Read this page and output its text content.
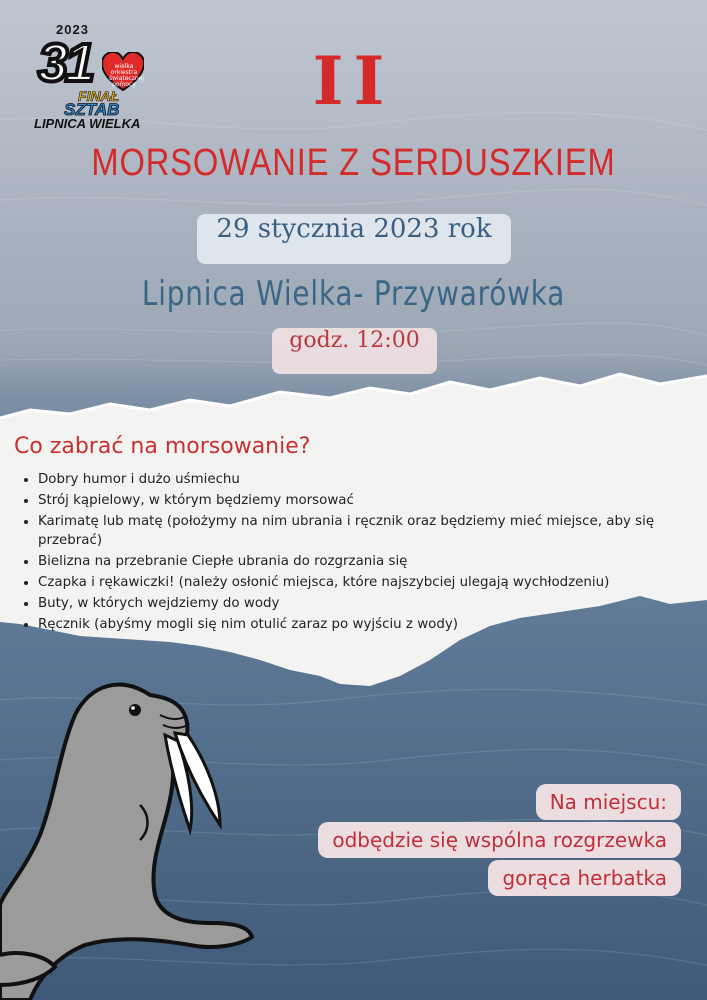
2023
31	wielka orkiestra świątecznej pomocy
FINAŁ
SZTAB
LIPNICA WIELKA
II
MORSOWANIE Z SERDUSZKIEM
29 stycznia 2023 rok
Lipnica Wielka- Przywarówka
godz. 12:00
Co zabrać na morsowanie?
• Dobry humor i dużo uśmiechu
• Strój kąpielowy, w którym będziemy morsować
• Karimatę lub matę (położymy na nim ubrania i ręcznik oraz będziemy mieć miejsce, aby się przebrać)
• Bielizna na przebranie Ciepłe ubrania do rozgrzania się
• Czapka i rękawiczki! (należy osłonić miejsca, które najszybciej ulegają wychłodzeniu)
• Buty, w których wejdziemy do wody
• Ręcznik (abyśmy mogli się nim otulić zaraz po wyjściu z wody)
Na miejscu:
odbędzie się wspólna rozgrzewka
gorąca herbatka
